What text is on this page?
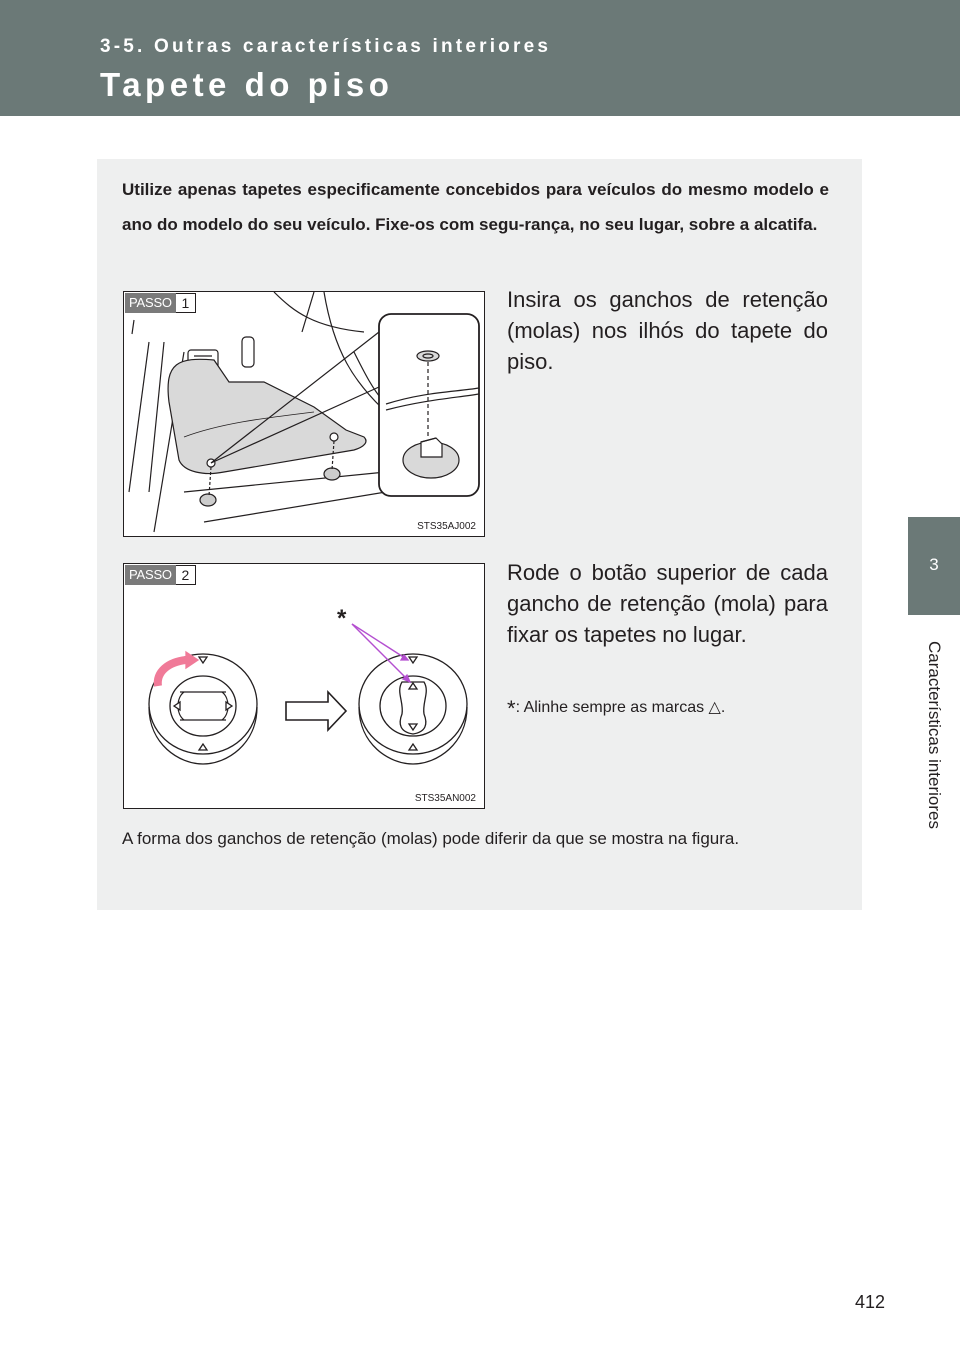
3-5. Outras características interiores
Tapete do piso
3
Características interiores
Utilize apenas tapetes especificamente concebidos para veículos do mesmo modelo e ano do modelo do seu veículo. Fixe-os com segu-rança, no seu lugar, sobre a alcatifa.
PASSO 1
STS35AJ002
Insira os ganchos de retenção (molas) nos ilhós do tapete do piso.
PASSO 2
*
STS35AN002
Rode o botão superior de cada gancho de retenção (mola) para fixar os tapetes no lugar.
*: Alinhe sempre as marcas △.
A forma dos ganchos de retenção (molas) pode diferir da que se mostra na figura.
412
